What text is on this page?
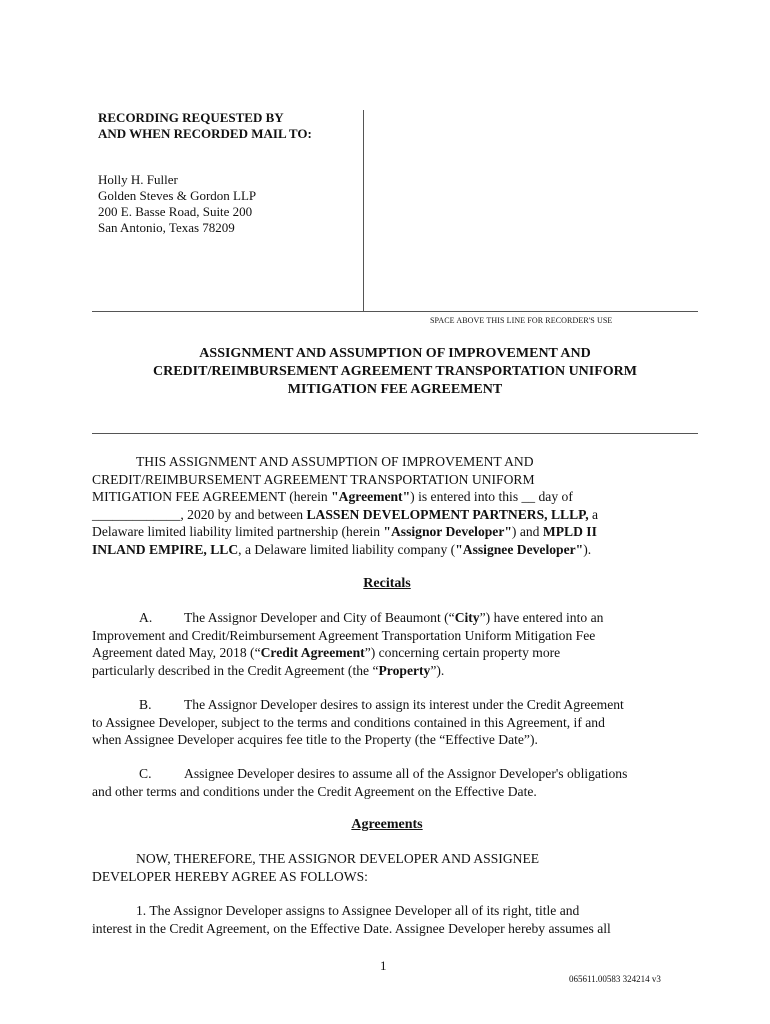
RECORDING REQUESTED BY
AND WHEN RECORDED MAIL TO:
Holly H. Fuller
Golden Steves & Gordon LLP
200 E. Basse Road, Suite 200
San Antonio, Texas 78209
SPACE ABOVE THIS LINE FOR RECORDER'S USE
ASSIGNMENT AND ASSUMPTION OF IMPROVEMENT AND
CREDIT/REIMBURSEMENT AGREEMENT TRANSPORTATION UNIFORM
MITIGATION FEE AGREEMENT
THIS ASSIGNMENT AND ASSUMPTION OF IMPROVEMENT AND
CREDIT/REIMBURSEMENT AGREEMENT TRANSPORTATION UNIFORM
MITIGATION FEE AGREEMENT (herein "Agreement") is entered into this __ day of
_____________, 2020 by and between LASSEN DEVELOPMENT PARTNERS, LLLP, a
Delaware limited liability limited partnership (herein "Assignor Developer") and MPLD II
INLAND EMPIRE, LLC, a Delaware limited liability company ("Assignee Developer").
Recitals
A. The Assignor Developer and City of Beaumont (“City”) have entered into an
Improvement and Credit/Reimbursement Agreement Transportation Uniform Mitigation Fee
Agreement dated May, 2018 (“Credit Agreement”) concerning certain property more
particularly described in the Credit Agreement (the “Property”).
B. The Assignor Developer desires to assign its interest under the Credit Agreement
to Assignee Developer, subject to the terms and conditions contained in this Agreement, if and
when Assignee Developer acquires fee title to the Property (the “Effective Date”).
C. Assignee Developer desires to assume all of the Assignor Developer's obligations
and other terms and conditions under the Credit Agreement on the Effective Date.
Agreements
NOW, THEREFORE, THE ASSIGNOR DEVELOPER AND ASSIGNEE
DEVELOPER HEREBY AGREE AS FOLLOWS:
1. The Assignor Developer assigns to Assignee Developer all of its right, title and
interest in the Credit Agreement, on the Effective Date. Assignee Developer hereby assumes all
1
065611.00583 324214 v3
